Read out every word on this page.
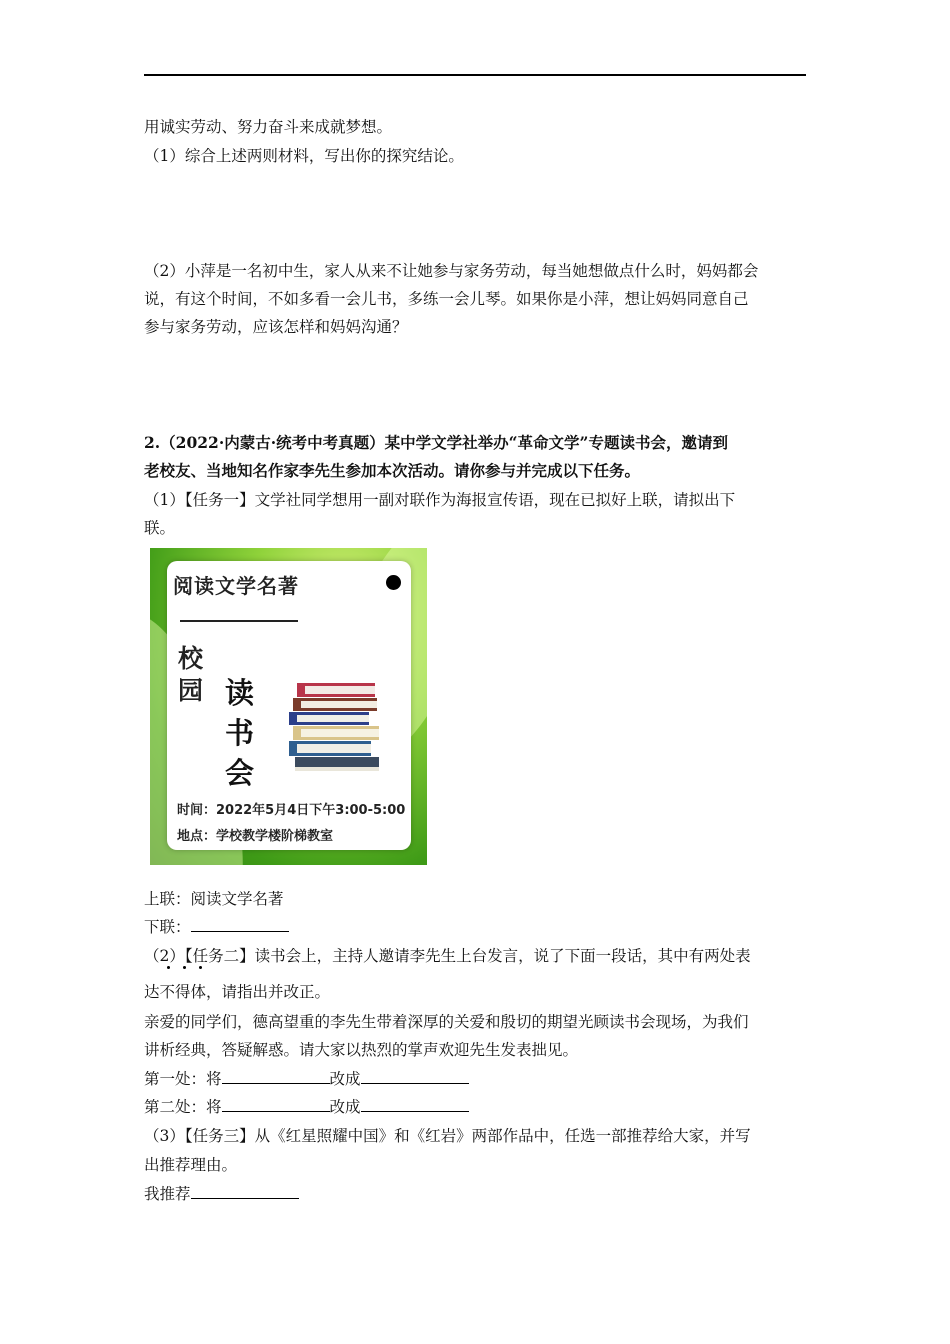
用诚实劳动、努力奋斗来成就梦想。
（1）综合上述两则材料，写出你的探究结论。
（2）小萍是一名初中生，家人从来不让她参与家务劳动，每当她想做点什么时，妈妈都会
说，有这个时间，不如多看一会儿书，多练一会儿琴。如果你是小萍，想让妈妈同意自己
参与家务劳动，应该怎样和妈妈沟通？
2.（2022·内蒙古·统考中考真题）某中学文学社举办“革命文学”专题读书会，邀请到
老校友、当地知名作家李先生参加本次活动。请你参与并完成以下任务。
（1）【任务一】文学社同学想用一副对联作为海报宣传语，现在已拟好上联，请拟出下
联。
阅读文学名著
校
园 读
书
会
时间：2022年5月4日下午3:00-5:00
地点：学校教学楼阶梯教室
上联：阅读文学名著
下联：
（2）【任务二】读书会上，主持人邀请李先生上台发言，说了下面一段话，其中有两处表
达不得体，请指出并改正。
亲爱的同学们，德高望重的李先生带着深厚的关爱和殷切的期望光顾读书会现场，为我们
讲析经典，答疑解惑。请大家以热烈的掌声欢迎先生发表拙见。
第一处：将	改成
第二处：将	改成
（3）【任务三】从《红星照耀中国》和《红岩》两部作品中，任选一部推荐给大家，并写
出推荐理由。
我推荐
